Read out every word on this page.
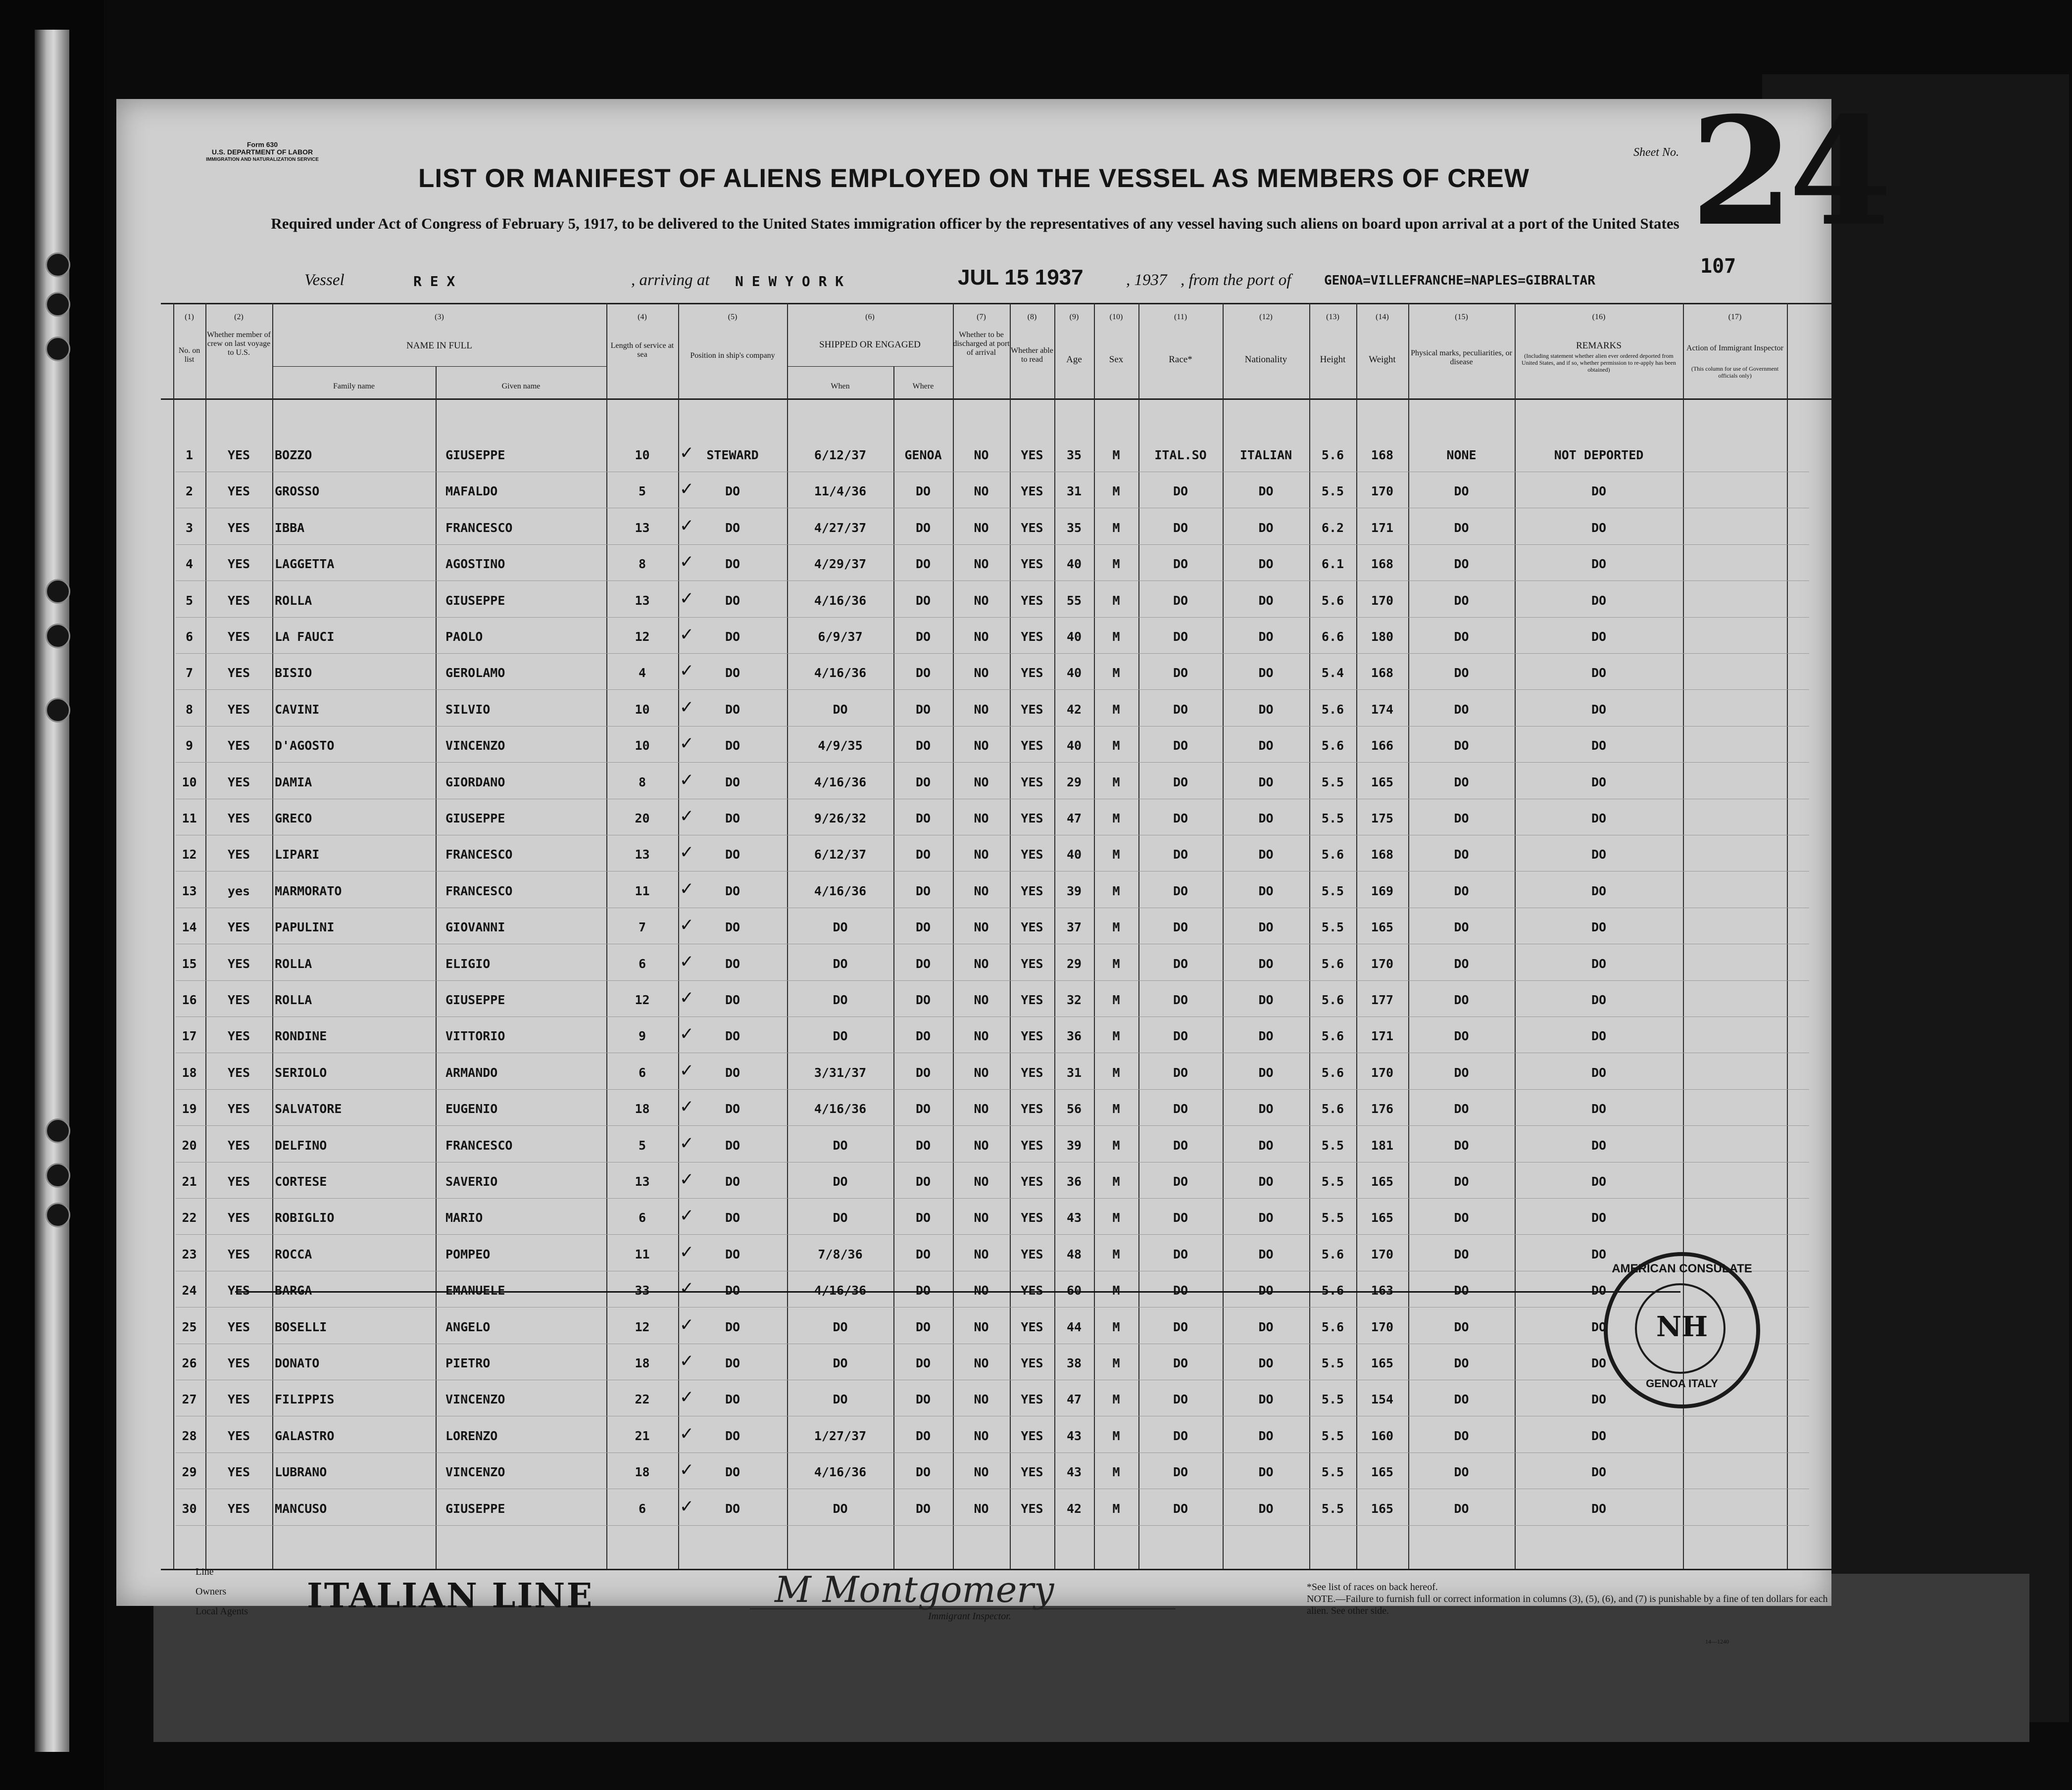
Form 630
U.S. DEPARTMENT OF LABOR
IMMIGRATION AND NATURALIZATION SERVICE
Sheet No. 24
LIST OR MANIFEST OF ALIENS EMPLOYED ON THE VESSEL AS MEMBERS OF CREW
Required under Act of Congress of February 5, 1917, to be delivered to the United States immigration officer by the representatives of any vessel having such aliens on board upon arrival at a port of the United States
107
Vessel	R E X	, arriving at N E W Y O R K	JUL 15 1937	, 1937 , from the port of	GENOA=VILLEFRANCHE=NAPLES=GIBRALTAR
(1)	(2)	(3)	(4)	(5)	(6)	(7)	(8)	(9)	(10)	(11)	(12)	(13)	(14)	(15)	(16)	(17)
No. on list
Whether member of crew on last voyage to U.S.
NAME IN FULL
Family name	Given name
Length of service at sea	Position in ship's company
SHIPPED OR ENGAGED
When	Where
Whether to be discharged at port of arrival	Whether able to read	Age	Sex	Race*	Nationality	Height	Weight
Physical marks, peculiarities, or disease
REMARKS
(Including statement whether alien ever ordered deported from United States, and if so, whether permission to re-apply has been obtained)
Action of Immigrant Inspector
(This column for use of Government officials only)
1	YES	BOZZO	GIUSEPPE	10	STEWARD	6/12/37	GENOA	NO	YES	35	M	ITAL.SO	ITALIAN	5.6	168	NONE	NOT DEPORTED
✓
2	YES	GROSSO	MAFALDO	5	DO	11/4/36	DO	NO	YES	31	M	DO	DO	5.5	170	DO	DO
✓
3	YES	IBBA	FRANCESCO	13	DO	4/27/37	DO	NO	YES	35	M	DO	DO	6.2	171	DO	DO
✓
4	YES	LAGGETTA	AGOSTINO	8	DO	4/29/37	DO	NO	YES	40	M	DO	DO	6.1	168	DO	DO
✓
5	YES	ROLLA	GIUSEPPE	13	DO	4/16/36	DO	NO	YES	55	M	DO	DO	5.6	170	DO	DO
✓
6	YES	LA FAUCI	PAOLO	12	DO	6/9/37	DO	NO	YES	40	M	DO	DO	6.6	180	DO	DO
✓
7	YES	BISIO	GEROLAMO	4	DO	4/16/36	DO	NO	YES	40	M	DO	DO	5.4	168	DO	DO
✓
8	YES	CAVINI	SILVIO	10	DO	DO	DO	NO	YES	42	M	DO	DO	5.6	174	DO	DO
✓
9	YES	D'AGOSTO	VINCENZO	10	DO	4/9/35	DO	NO	YES	40	M	DO	DO	5.6	166	DO	DO
✓
10	YES	DAMIA	GIORDANO	8	DO	4/16/36	DO	NO	YES	29	M	DO	DO	5.5	165	DO	DO
✓
11	YES	GRECO	GIUSEPPE	20	DO	9/26/32	DO	NO	YES	47	M	DO	DO	5.5	175	DO	DO
✓
12	YES	LIPARI	FRANCESCO	13	DO	6/12/37	DO	NO	YES	40	M	DO	DO	5.6	168	DO	DO
✓
13	yes	MARMORATO	FRANCESCO	11	DO	4/16/36	DO	NO	YES	39	M	DO	DO	5.5	169	DO	DO
✓
14	YES	PAPULINI	GIOVANNI	7	DO	DO	DO	NO	YES	37	M	DO	DO	5.5	165	DO	DO
✓
15	YES	ROLLA	ELIGIO	6	DO	DO	DO	NO	YES	29	M	DO	DO	5.6	170	DO	DO
✓
16	YES	ROLLA	GIUSEPPE	12	DO	DO	DO	NO	YES	32	M	DO	DO	5.6	177	DO	DO
✓
17	YES	RONDINE	VITTORIO	9	DO	DO	DO	NO	YES	36	M	DO	DO	5.6	171	DO	DO
✓
18	YES	SERIOLO	ARMANDO	6	DO	3/31/37	DO	NO	YES	31	M	DO	DO	5.6	170	DO	DO
✓
19	YES	SALVATORE	EUGENIO	18	DO	4/16/36	DO	NO	YES	56	M	DO	DO	5.6	176	DO	DO
✓
20	YES	DELFINO	FRANCESCO	5	DO	DO	DO	NO	YES	39	M	DO	DO	5.5	181	DO	DO
✓
21	YES	CORTESE	SAVERIO	13	DO	DO	DO	NO	YES	36	M	DO	DO	5.5	165	DO	DO
✓
22	YES	ROBIGLIO	MARIO	6	DO	DO	DO	NO	YES	43	M	DO	DO	5.5	165	DO	DO
✓
23	YES	ROCCA	POMPEO	11	DO	7/8/36	DO	NO	YES	48	M	DO	DO	5.6	170	DO	DO
✓
24	YES	BARGA	EMANUELE	33	DO	4/16/36	DO	NO	YES	60	M	DO	DO	5.6	163	DO	DO
✓
25	YES	BOSELLI	ANGELO	12	DO	DO	DO	NO	YES	44	M	DO	DO	5.6	170	DO	DO
✓
26	YES	DONATO	PIETRO	18	DO	DO	DO	NO	YES	38	M	DO	DO	5.5	165	DO	DO
✓
27	YES	FILIPPIS	VINCENZO	22	DO	DO	DO	NO	YES	47	M	DO	DO	5.5	154	DO	DO
✓
28	YES	GALASTRO	LORENZO	21	DO	1/27/37	DO	NO	YES	43	M	DO	DO	5.5	160	DO	DO
✓
29	YES	LUBRANO	VINCENZO	18	DO	4/16/36	DO	NO	YES	43	M	DO	DO	5.5	165	DO	DO
✓
30	YES	MANCUSO	GIUSEPPE	6	DO	DO	DO	NO	YES	42	M	DO	DO	5.5	165	DO	DO
✓
AMERICAN CONSULATE
NH
GENOA ITALY
Line
Owners
Local Agents ITALIAN LINE	M Montgomery
Immigrant Inspector.
*See list of races on back hereof.
NOTE.—Failure to furnish full or correct information in columns (3), (5), (6), and (7) is punishable by a fine of ten dollars for each alien. See other side.
14—1240
